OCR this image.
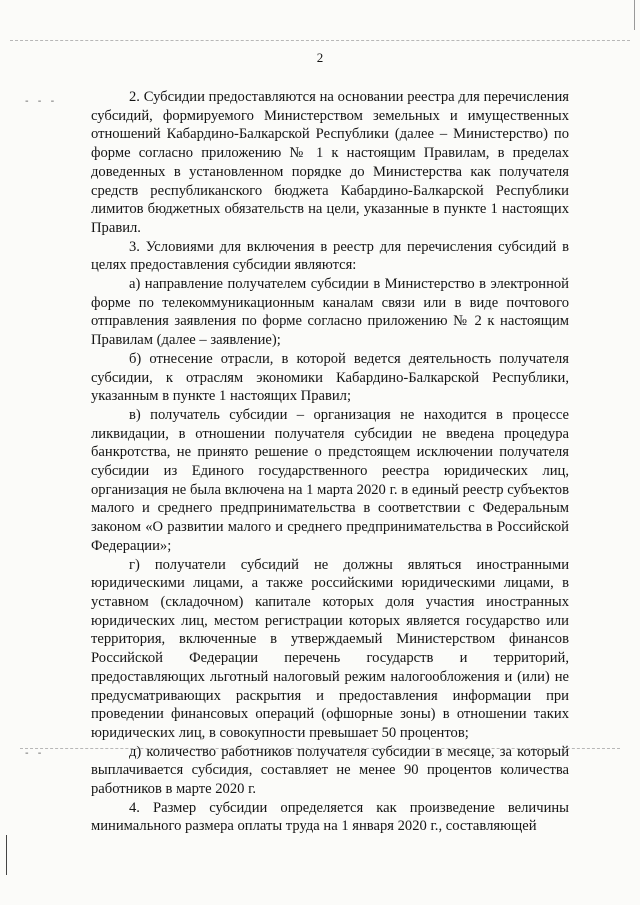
- - -
- -
2

2. Субсидии предоставляются на основании реестра для перечисления субсидий, формируемого Министерством земельных и имущественных отношений Кабардино-Балкарской Республики (далее – Министерство) по форме согласно приложению № 1 к настоящим Правилам, в пределах доведенных в установленном порядке до Министерства как получателя средств республиканского бюджета Кабардино-Балкарской Республики лимитов бюджетных обязательств на цели, указанные в пункте 1 настоящих Правил.

3. Условиями для включения в реестр для перечисления субсидий в целях предоставления субсидии являются:

а) направление получателем субсидии в Министерство в электронной форме по телекоммуникационным каналам связи или в виде почтового отправления заявления по форме согласно приложению № 2 к настоящим Правилам (далее – заявление);

б) отнесение отрасли, в которой ведется деятельность получателя субсидии, к отраслям экономики Кабардино-Балкарской Республики, указанным в пункте 1 настоящих Правил;

в) получатель субсидии – организация не находится в процессе ликвидации, в отношении получателя субсидии не введена процедура банкротства, не принято решение о предстоящем исключении получателя субсидии из Единого государственного реестра юридических лиц, организация не была включена на 1 марта 2020 г. в единый реестр субъектов малого и среднего предпринимательства в соответствии с Федеральным законом «О развитии малого и среднего предпринимательства в Российской Федерации»;

г) получатели субсидий не должны являться иностранными юридическими лицами, а также российскими юридическими лицами, в уставном (складочном) капитале которых доля участия иностранных юридических лиц, местом регистрации которых является государство или территория, включенные в утверждаемый Министерством финансов Российской Федерации перечень государств и территорий, предоставляющих льготный налоговый режим налогообложения и (или) не предусматривающих раскрытия и предоставления информации при проведении финансовых операций (офшорные зоны) в отношении таких юридических лиц, в совокупности превышает 50 процентов;

д) количество работников получателя субсидии в месяце, за который выплачивается субсидия, составляет не менее 90 процентов количества работников в марте 2020 г.

4. Размер субсидии определяется как произведение величины минимального размера оплаты труда на 1 января 2020 г., составляющей
